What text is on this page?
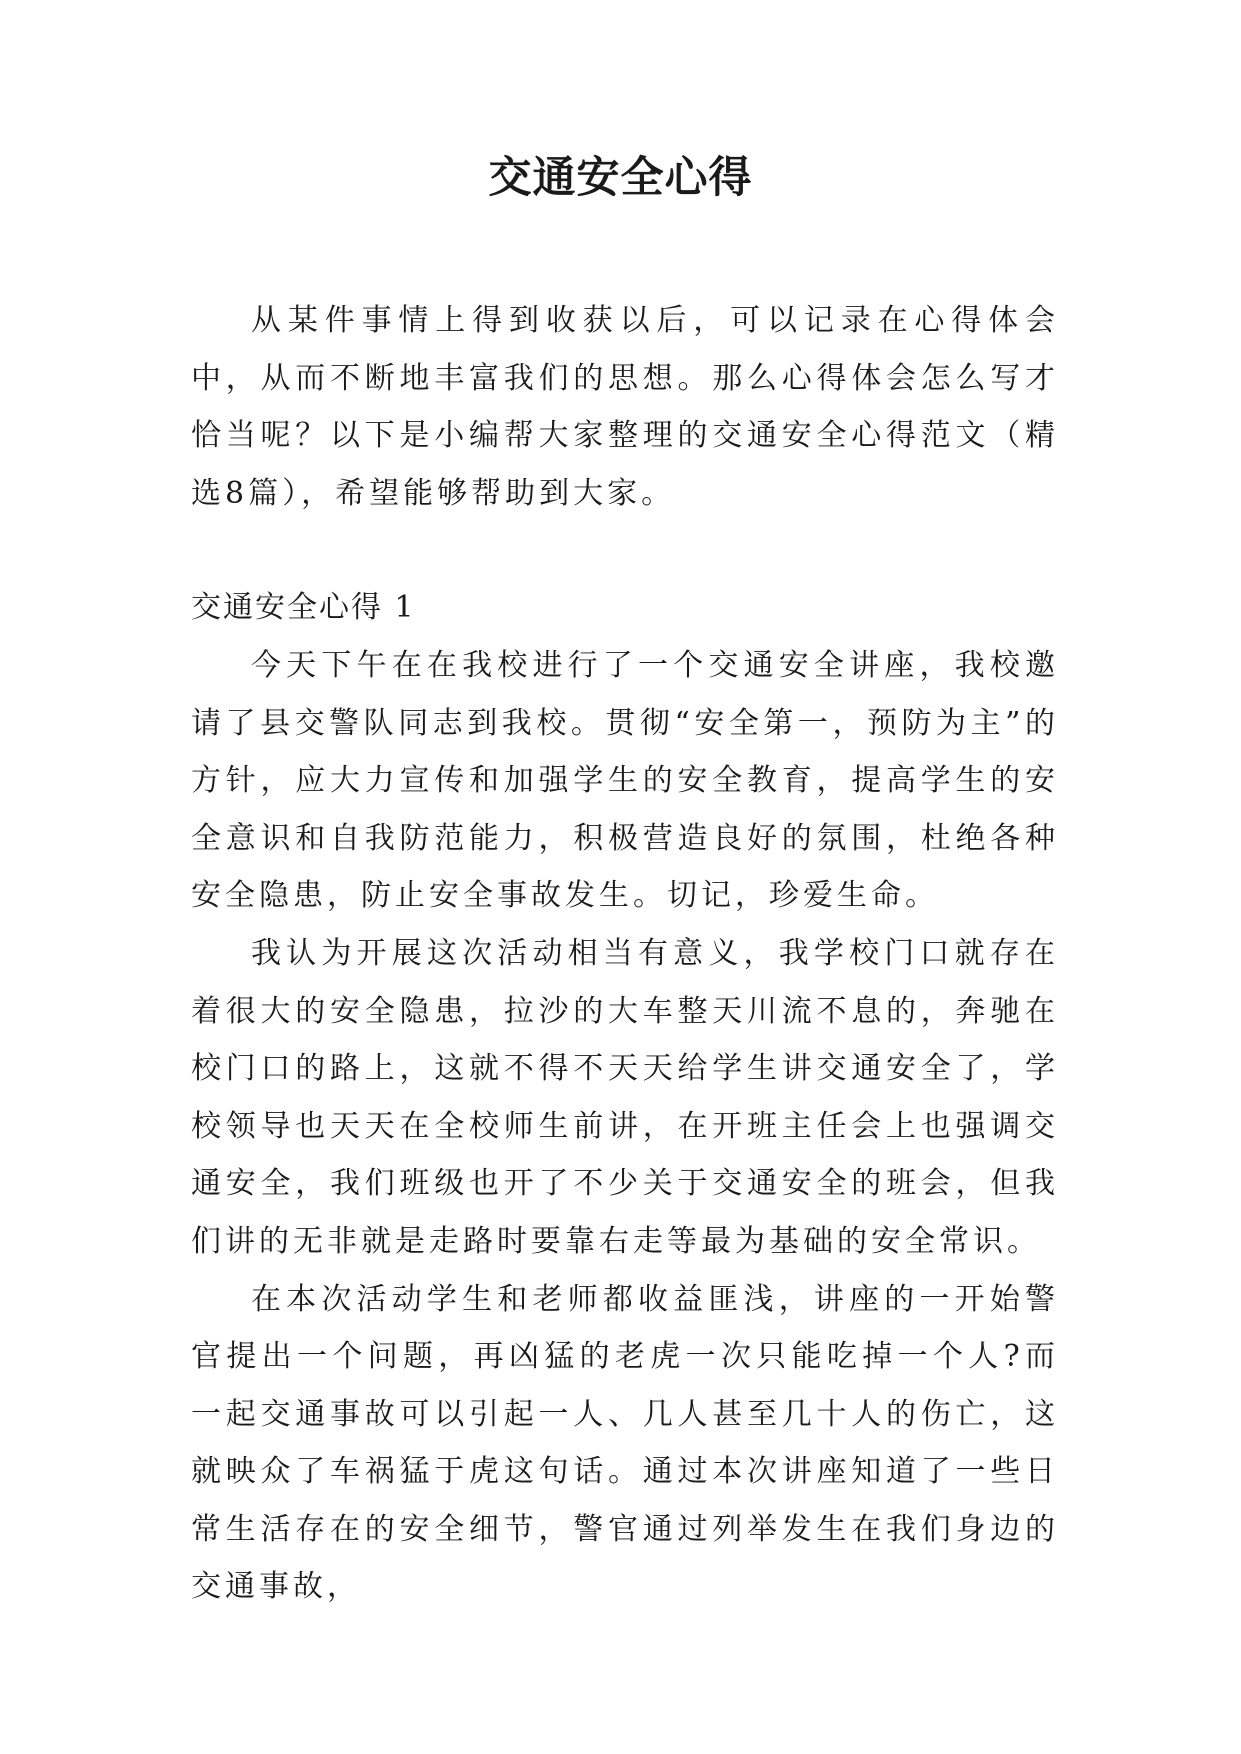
交通安全心得

从某件事情上得到收获以后，可以记录在心得体会中，从而不断地丰富我们的思想。那么心得体会怎么写才恰当呢？以下是小编帮大家整理的交通安全心得范文（精选8篇），希望能够帮助到大家。

交通安全心得 1

今天下午在在我校进行了一个交通安全讲座，我校邀请了县交警队同志到我校。贯彻“安全第一，预防为主”的方针，应大力宣传和加强学生的安全教育，提高学生的安全意识和自我防范能力，积极营造良好的氛围，杜绝各种安全隐患，防止安全事故发生。切记，珍爱生命。

我认为开展这次活动相当有意义，我学校门口就存在着很大的安全隐患，拉沙的大车整天川流不息的，奔驰在校门口的路上，这就不得不天天给学生讲交通安全了，学校领导也天天在全校师生前讲，在开班主任会上也强调交通安全，我们班级也开了不少关于交通安全的班会，但我们讲的无非就是走路时要靠右走等最为基础的安全常识。

在本次活动学生和老师都收益匪浅，讲座的一开始警官提出一个问题，再凶猛的老虎一次只能吃掉一个人?而一起交通事故可以引起一人、几人甚至几十人的伤亡，这就映众了车祸猛于虎这句话。通过本次讲座知道了一些日常生活存在的安全细节，警官通过列举发生在我们身边的交通事故，
